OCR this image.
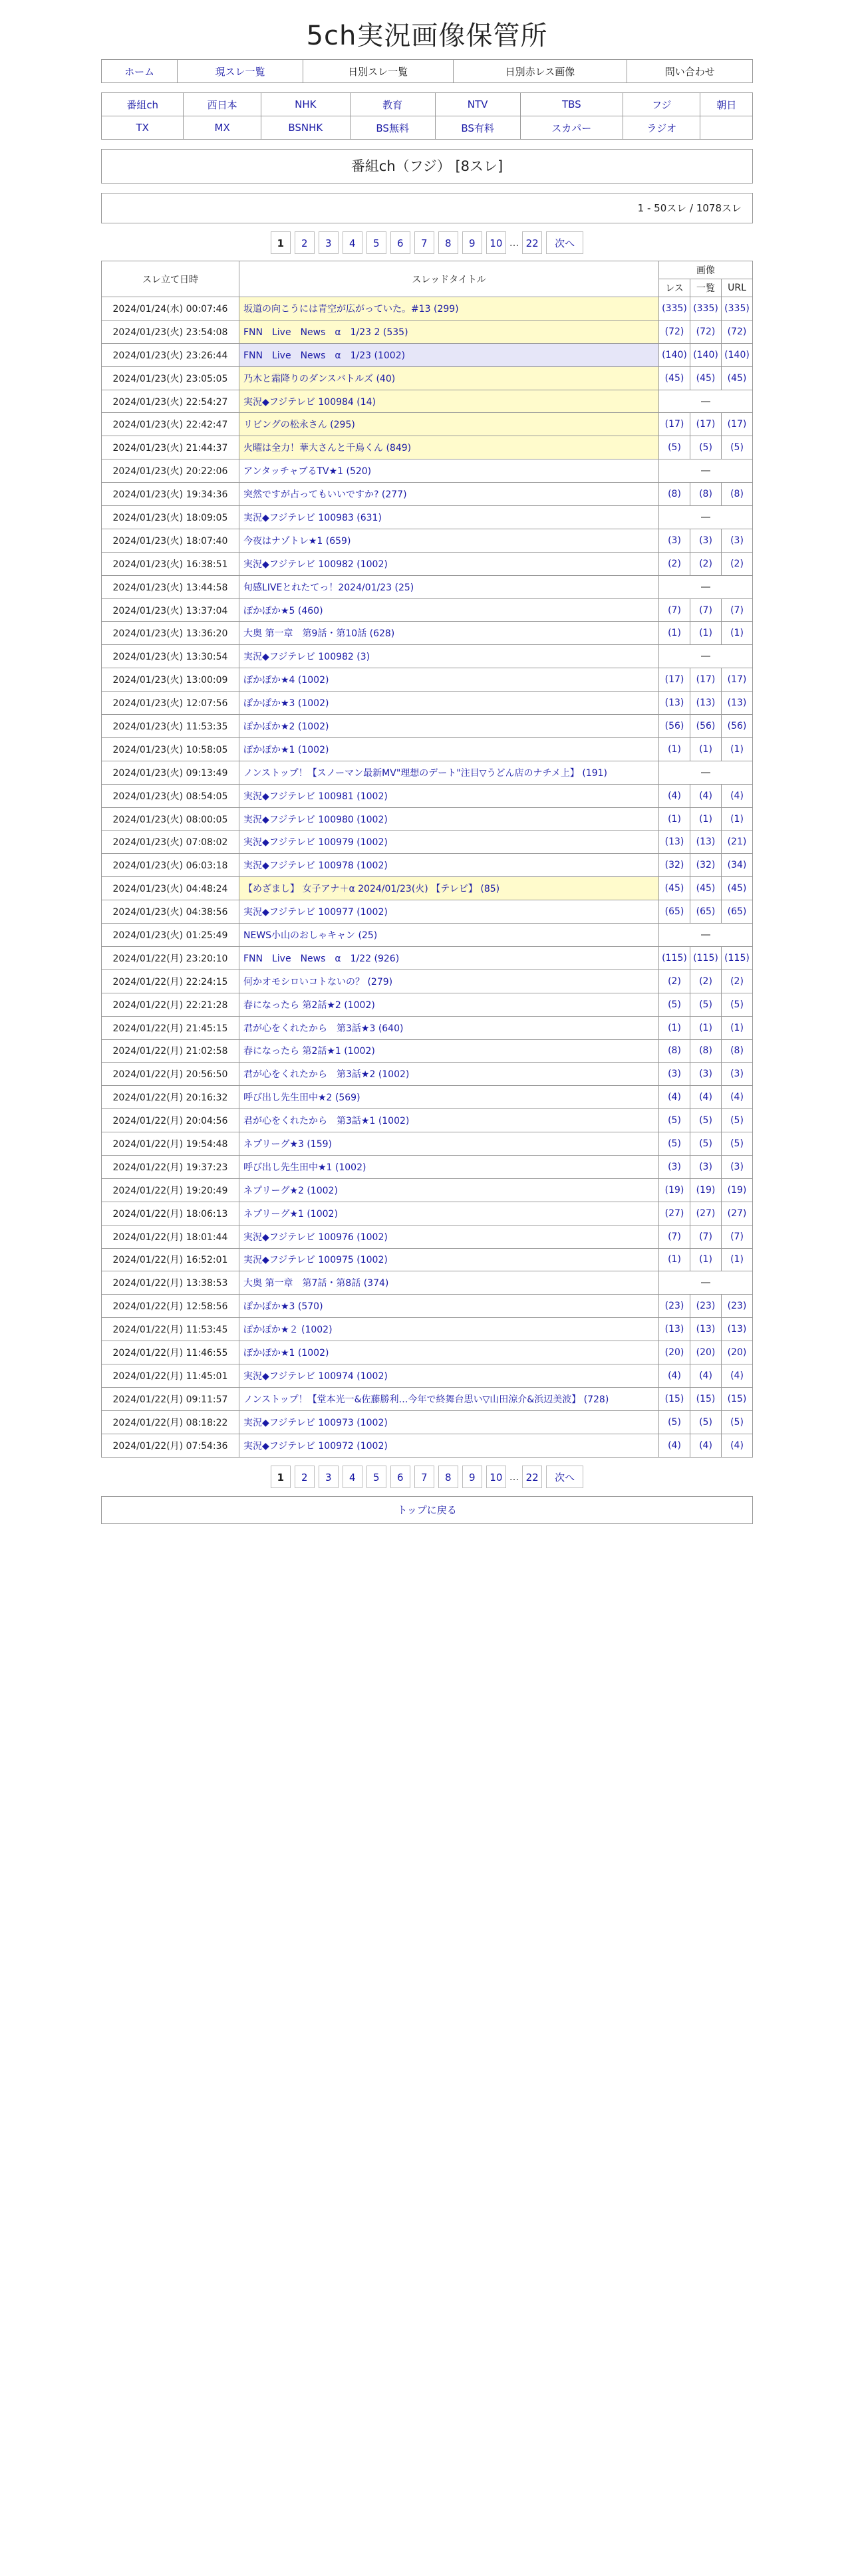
5ch実況画像保管所
ホーム	現スレ一覧	日別スレ一覧	日別赤レス画像	問い合わせ
番組ch	西日本	NHK	教育	NTV	TBS	フジ	朝日
TX	MX	BSNHK	BS無料	BS有料	スカパー	ラジオ	
番組ch（フジ） [8スレ]
1 - 50スレ / 1078スレ
1 2 3 4 5 6 7 8 9 10 ... 22 次へ
スレ立て日時	スレッドタイトル	画像		
		レス	一覧	URL
2024/01/24(水) 00:07:46	坂道の向こうには青空が広がっていた。#13 (299)	(335)	(335)	(335)
2024/01/23(火) 23:54:08	FNN　Live　News　α　1/23 2 (535)	(72)	(72)	(72)
2024/01/23(火) 23:26:44	FNN　Live　News　α　1/23 (1002)	(140)	(140)	(140)
2024/01/23(火) 23:05:05	乃木と霜降りのダンスバトルズ (40)	(45)	(45)	(45)
2024/01/23(火) 22:54:27	実況◆フジテレビ 100984 (14)	―		
2024/01/23(火) 22:42:47	リビングの松永さん (295)	(17)	(17)	(17)
2024/01/23(火) 21:44:37	火曜は全力！華大さんと千鳥くん (849)	(5)	(5)	(5)
2024/01/23(火) 20:22:06	アンタッチャブるTV★1 (520)	―		
2024/01/23(火) 19:34:36	突然ですが占ってもいいですか? (277)	(8)	(8)	(8)
2024/01/23(火) 18:09:05	実況◆フジテレビ 100983 (631)	―		
2024/01/23(火) 18:07:40	今夜はナゾトレ★1 (659)	(3)	(3)	(3)
2024/01/23(火) 16:38:51	実況◆フジテレビ 100982 (1002)	(2)	(2)	(2)
2024/01/23(火) 13:44:58	旬感LIVEとれたてっ！2024/01/23 (25)	―		
2024/01/23(火) 13:37:04	ぽかぽか★5 (460)	(7)	(7)	(7)
2024/01/23(火) 13:36:20	大奥 第一章　第9話・第10話 (628)	(1)	(1)	(1)
2024/01/23(火) 13:30:54	実況◆フジテレビ 100982 (3)	―		
2024/01/23(火) 13:00:09	ぽかぽか★4 (1002)	(17)	(17)	(17)
2024/01/23(火) 12:07:56	ぽかぽか★3 (1002)	(13)	(13)	(13)
2024/01/23(火) 11:53:35	ぽかぽか★2 (1002)	(56)	(56)	(56)
2024/01/23(火) 10:58:05	ぽかぽか★1 (1002)	(1)	(1)	(1)
2024/01/23(火) 09:13:49	ノンストップ！【スノーマン最新MV"理想のデート"注目▽うどん店のナチメ上】 (191)	―		
2024/01/23(火) 08:54:05	実況◆フジテレビ 100981 (1002)	(4)	(4)	(4)
2024/01/23(火) 08:00:05	実況◆フジテレビ 100980 (1002)	(1)	(1)	(1)
2024/01/23(火) 07:08:02	実況◆フジテレビ 100979 (1002)	(13)	(13)	(21)
2024/01/23(火) 06:03:18	実況◆フジテレビ 100978 (1002)	(32)	(32)	(34)
2024/01/23(火) 04:48:24	【めざまし】 女子アナ＋α 2024/01/23(火) 【テレビ】 (85)	(45)	(45)	(45)
2024/01/23(火) 04:38:56	実況◆フジテレビ 100977 (1002)	(65)	(65)	(65)
2024/01/23(火) 01:25:49	NEWS小山のおしゃキャン (25)	―		
2024/01/22(月) 23:20:10	FNN　Live　News　α　1/22 (926)	(115)	(115)	(115)
2024/01/22(月) 22:24:15	何かオモシロいコトないの？ (279)	(2)	(2)	(2)
2024/01/22(月) 22:21:28	春になったら 第2話★2 (1002)	(5)	(5)	(5)
2024/01/22(月) 21:45:15	君が心をくれたから　第3話★3 (640)	(1)	(1)	(1)
2024/01/22(月) 21:02:58	春になったら 第2話★1 (1002)	(8)	(8)	(8)
2024/01/22(月) 20:56:50	君が心をくれたから　第3話★2 (1002)	(3)	(3)	(3)
2024/01/22(月) 20:16:32	呼び出し先生田中★2 (569)	(4)	(4)	(4)
2024/01/22(月) 20:04:56	君が心をくれたから　第3話★1 (1002)	(5)	(5)	(5)
2024/01/22(月) 19:54:48	ネプリーグ★3 (159)	(5)	(5)	(5)
2024/01/22(月) 19:37:23	呼び出し先生田中★1 (1002)	(3)	(3)	(3)
2024/01/22(月) 19:20:49	ネプリーグ★2 (1002)	(19)	(19)	(19)
2024/01/22(月) 18:06:13	ネプリーグ★1 (1002)	(27)	(27)	(27)
2024/01/22(月) 18:01:44	実況◆フジテレビ 100976 (1002)	(7)	(7)	(7)
2024/01/22(月) 16:52:01	実況◆フジテレビ 100975 (1002)	(1)	(1)	(1)
2024/01/22(月) 13:38:53	大奥 第一章　第7話・第8話 (374)	―		
2024/01/22(月) 12:58:56	ぽかぽか★3 (570)	(23)	(23)	(23)
2024/01/22(月) 11:53:45	ぽかぽか★２ (1002)	(13)	(13)	(13)
2024/01/22(月) 11:46:55	ぽかぽか★1 (1002)	(20)	(20)	(20)
2024/01/22(月) 11:45:01	実況◆フジテレビ 100974 (1002)	(4)	(4)	(4)
2024/01/22(月) 09:11:57	ノンストップ！【堂本光一&佐藤勝利…今年で終舞台思い▽山田涼介&浜辺美波】 (728)	(15)	(15)	(15)
2024/01/22(月) 08:18:22	実況◆フジテレビ 100973 (1002)	(5)	(5)	(5)
2024/01/22(月) 07:54:36	実況◆フジテレビ 100972 (1002)	(4)	(4)	(4)
1 2 3 4 5 6 7 8 9 10 ... 22 次へ
トップに戻る
